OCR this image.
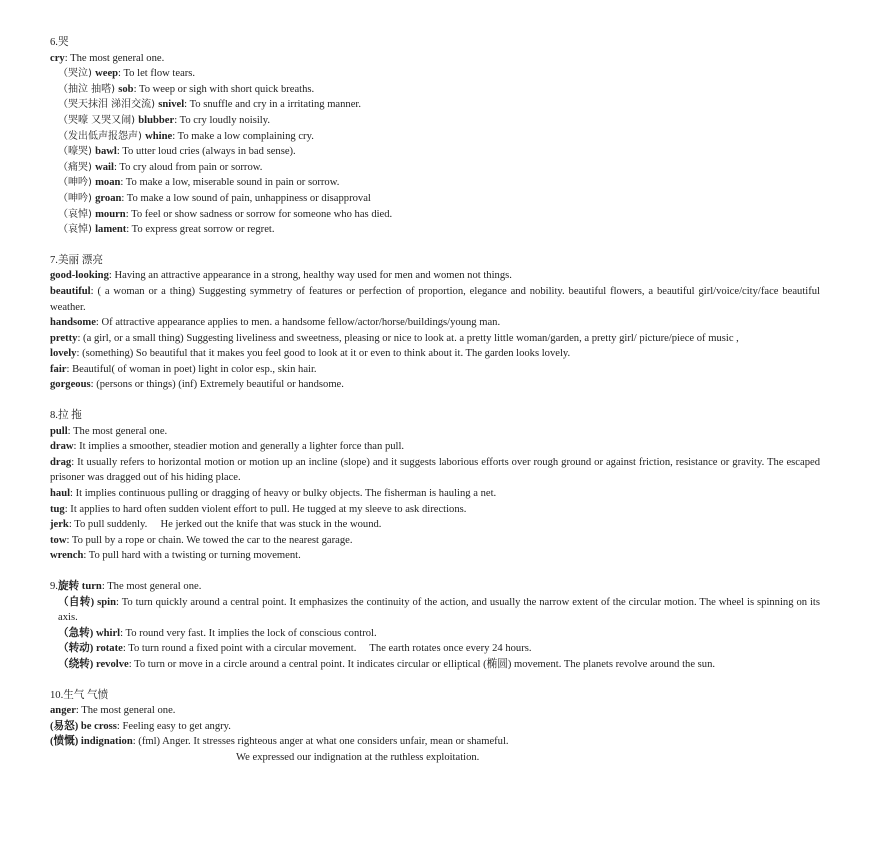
6.哭
cry: The most general one.
（哭泣) weep: To let flow tears.
（抽泣 抽嗒) sob: To weep or sigh with short quick breaths.
（哭天抹泪 涕泪交流) snivel: To snuffle and cry in a irritating manner.
（哭嚎 又哭又闹) blubber: To cry loudly noisily.
（发出低声报怨声) whine: To make a low complaining cry.
（嚎哭) bawl: To utter loud cries (always in bad sense).
（痛哭) wail: To cry aloud from pain or sorrow.
（呻吟) moan: To make a low, miserable sound in pain or sorrow.
（呻吟) groan: To make a low sound of pain, unhappiness or disapproval
（哀悼) mourn: To feel or show sadness or sorrow for someone who has died.
（哀悼) lament: To express great sorrow or regret.
7.美丽 漂亮
good-looking: Having an attractive appearance in a strong, healthy way used for men and women not things.
beautiful: ( a woman or a thing) Suggesting symmetry of features or perfection of proportion, elegance and nobility. beautiful flowers, a beautiful girl/voice/city/face beautiful weather.
handsome: Of attractive appearance applies to men. a handsome fellow/actor/horse/buildings/young man.
pretty: (a girl, or a small thing) Suggesting liveliness and sweetness, pleasing or nice to look at. a pretty little woman/garden, a pretty girl/ picture/piece of music ,
lovely: (something) So beautiful that it makes you feel good to look at it or even to think about it. The garden looks lovely.
fair: Beautiful( of woman in poet) light in color esp., skin hair.
gorgeous: (persons or things) (inf) Extremely beautiful or handsome.
8.拉 拖
pull: The most general one.
draw: It implies a smoother, steadier motion and generally a lighter force than pull.
drag: It usually refers to horizontal motion or motion up an incline (slope) and it suggests laborious efforts over rough ground or against friction, resistance or gravity. The escaped prisoner was dragged out of his hiding place.
haul: It implies continuous pulling or dragging of heavy or bulky objects. The fisherman is hauling a net.
tug: It applies to hard often sudden violent effort to pull. He tugged at my sleeve to ask directions.
jerk: To pull suddenly.     He jerked out the knife that was stuck in the wound.
tow: To pull by a rope or chain. We towed the car to the nearest garage.
wrench: To pull hard with a twisting or turning movement.
9.旋转 turn: The most general one.
（自转) spin: To turn quickly around a central point. It emphasizes the continuity of the action, and usually the narrow extent of the circular motion. The wheel is spinning on its axis.
（急转) whirl: To round very fast. It implies the lock of conscious control.
（转动) rotate: To turn round a fixed point with a circular movement.     The earth rotates once every 24 hours.
（绕转) revolve: To turn or move in a circle around a central point. It indicates circular or elliptical (椭圆) movement. The planets revolve around the sun.
10.生气 气愤
anger: The most general one.
(易怒) be cross: Feeling easy to get angry.
(愤慨) indignation: (fml) Anger. It stresses righteous anger at what one considers unfair, mean or shameful.
We expressed our indignation at the ruthless exploitation.
